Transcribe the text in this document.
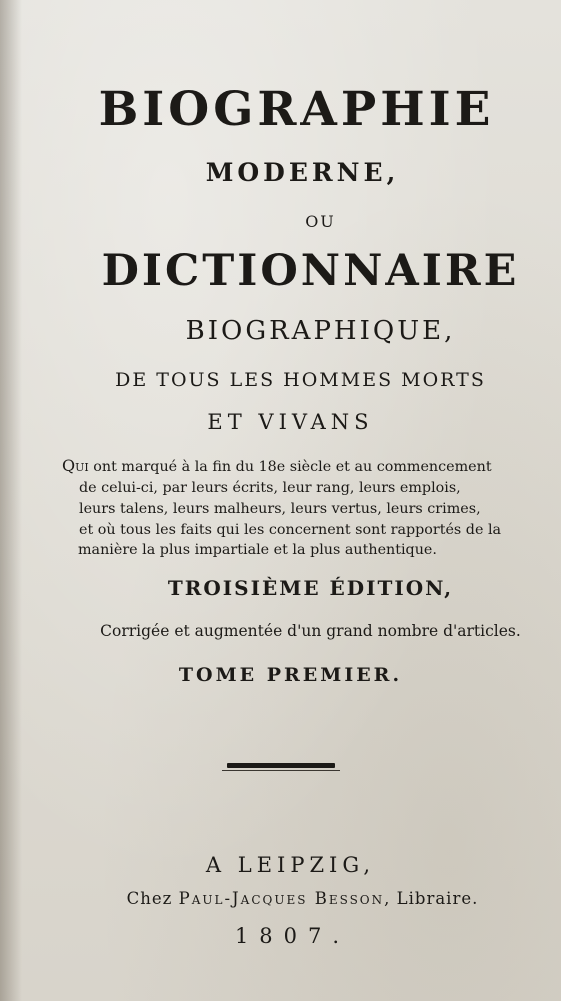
BIOGRAPHIE
MODERNE,
OU
DICTIONNAIRE
BIOGRAPHIQUE,
DE TOUS LES HOMMES MORTS
ET VIVANS
Qui ont marqué à la fin du 18e siècle et au commencement
de celui-ci, par leurs écrits, leur rang, leurs emplois,
leurs talens, leurs malheurs, leurs vertus, leurs crimes,
et où tous les faits qui les concernent sont rapportés de la
manière la plus impartiale et la plus authentique.
TROISIÈME ÉDITION,
Corrigée et augmentée d'un grand nombre d'articles.
TOME PREMIER.
A LEIPZIG,
Chez Paul-Jacques Besson, Libraire.
1807.
